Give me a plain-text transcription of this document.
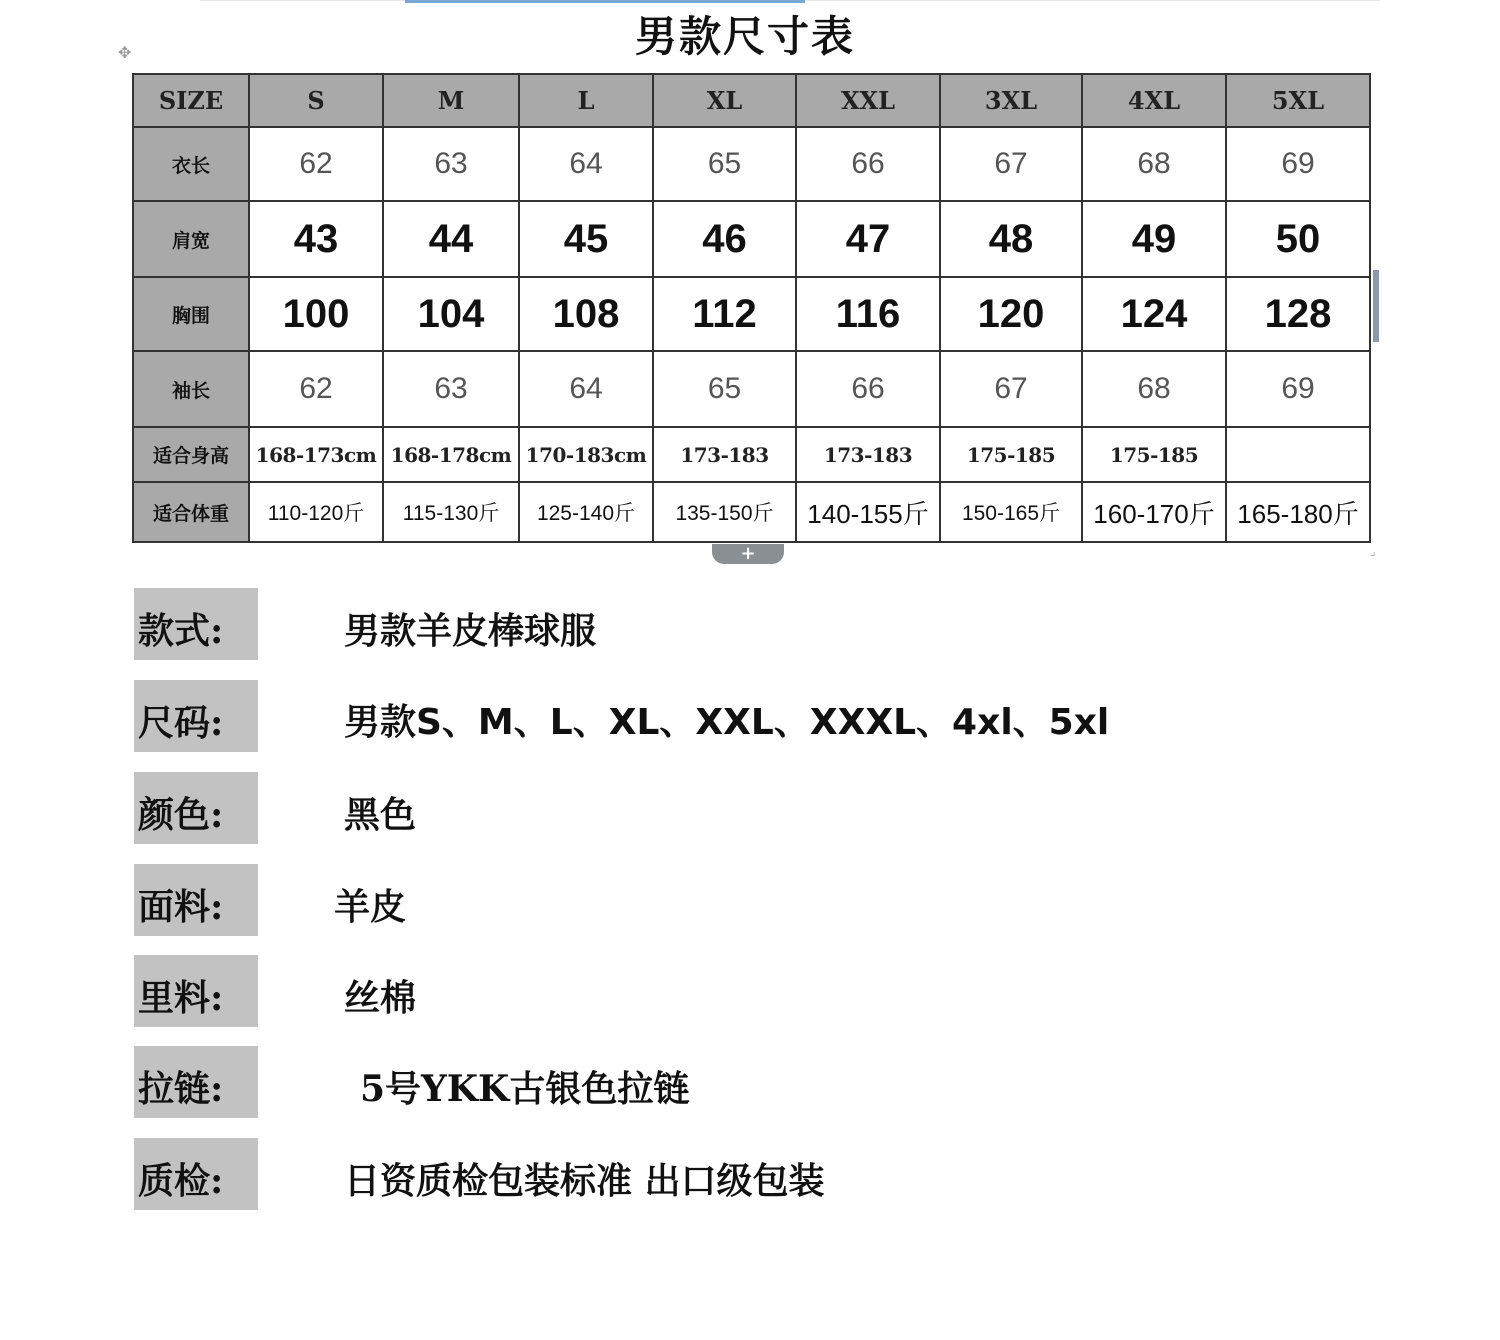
男款尺寸表
✥
SIZE	S	M	L	XL	XXL	3XL	4XL	5XL
衣长	62	63	64	65	66	67	68	69
肩宽	43	44	45	46	47	48	49	50
胸围	100	104	108	112	116	120	124	128
袖长	62	63	64	65	66	67	68	69
适合身高	168-173cm	168-178cm	170-183cm	173-183	173-183	175-185	175-185	
适合体重	110-120斤	115-130斤	125-140斤	135-150斤	140-155斤	150-165斤	160-170斤	165-180斤
+	⌟
款式:	男款羊皮棒球服
尺码:	男款S、M、L、XL、XXL、XXXL、4xl、5xl
颜色:	黑色
面料:	羊皮
里料:	丝棉
拉链:	5号YKK古银色拉链
质检:	日资质检包装标准 出口级包装
